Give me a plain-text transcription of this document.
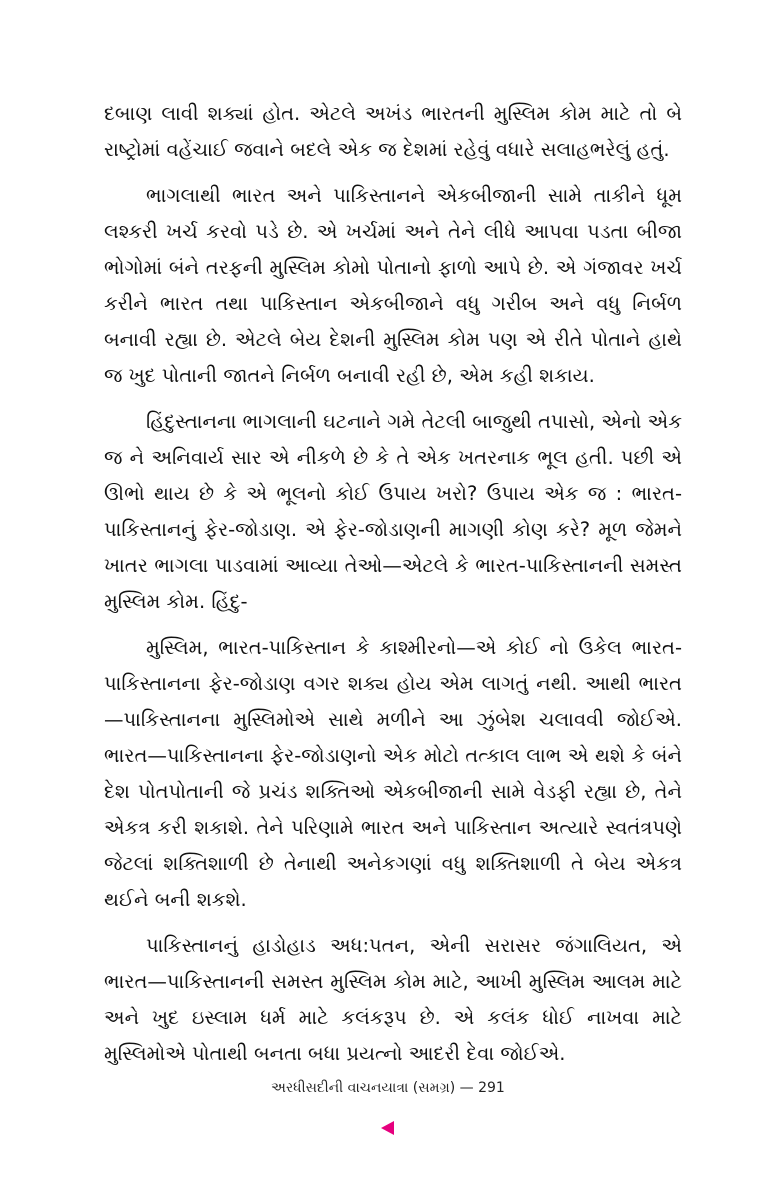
દબાણ લાવી શક્યાં હોત. એટલે અખંડ ભારતની મુસ્લિમ કોમ માટે તો બે રાષ્ટ્રોમાં વહેંચાઈ જવાને બદલે એક જ દેશમાં રહેવું વધારે સલાહભરેલું હતું.

ભાગલાથી ભારત અને પાકિસ્તાનને એકબીજાની સામે તાકીને ધૂમ લશ્કરી ખર્ચ કરવો પડે છે. એ ખર્ચમાં અને તેને લીધે આપવા પડતા બીજા ભોગોમાં બંને તરફની મુસ્લિમ કોમો પોતાનો ફાળો આપે છે. એ ગંજાવર ખર્ચ કરીને ભારત તથા પાકિસ્તાન એકબીજાને વધુ ગરીબ અને વધુ નિર્બળ બનાવી રહ્યા છે. એટલે બેય દેશની મુસ્લિમ કોમ પણ એ રીતે પોતાને હાથે જ ખુદ પોતાની જાતને નિર્બળ બનાવી રહી છે, એમ કહી શકાય.

હિંદુસ્તાનના ભાગલાની ઘટનાને ગમે તેટલી બાજુથી તપાસો, એનો એક જ ને અનિવાર્ય સાર એ નીકળે છે કે તે એક ખતરનાક ભૂલ હતી. પછી એ ઊભો થાય છે કે એ ભૂલનો કોઈ ઉપાય ખરો? ઉપાય એક જ : ભારત-પાકિસ્તાનનું ફેર-જોડાણ. એ ફેર-જોડાણની માગણી કોણ કરે? મૂળ જેમને ખાતર ભાગલા પાડવામાં આવ્યા તેઓ—એટલે કે ભારત-પાકિસ્તાનની સમસ્ત મુસ્લિમ કોમ. હિંદુ-

મુસ્લિમ, ભારત-પાકિસ્તાન કે કાશ્મીરનો—એ કોઈ નો ઉકેલ ભારત-પાકિસ્તાનના ફેર-જોડાણ વગર શક્ય હોય એમ લાગતું નથી. આથી ભારત—પાકિસ્તાનના મુસ્લિમોએ સાથે મળીને આ ઝુંબેશ ચલાવવી જોઈએ. ભારત—પાકિસ્તાનના ફેર-જોડાણનો એક મોટો તત્કાલ લાભ એ થશે કે બંને દેશ પોતપોતાની જે પ્રચંડ શક્તિઓ એકબીજાની સામે વેડફી રહ્યા છે, તેને એકત્ર કરી શકાશે. તેને પરિણામે ભારત અને પાકિસ્તાન અત્યારે સ્વતંત્રપણે જેટલાં શક્તિશાળી છે તેનાથી અનેકગણાં વધુ શક્તિશાળી તે બેય એકત્ર થઈને બની શકશે.

પાકિસ્તાનનું હાડોહાડ અધ:પતન, એની સરાસર જંગાલિયત, એ ભારત—પાકિસ્તાનની સમસ્ત મુસ્લિમ કોમ માટે, આખી મુસ્લિમ આલમ માટે અને ખુદ ઇસ્લામ ધર્મ માટે કલંકરૂપ છે. એ કલંક ધોઈ નાખવા માટે મુસ્લિમોએ પોતાથી બનતા બધા પ્રયત્નો આદરી દેવા જોઈએ.

અરધીસદીની વાચનયાત્રા (સમગ્ર) — 291
